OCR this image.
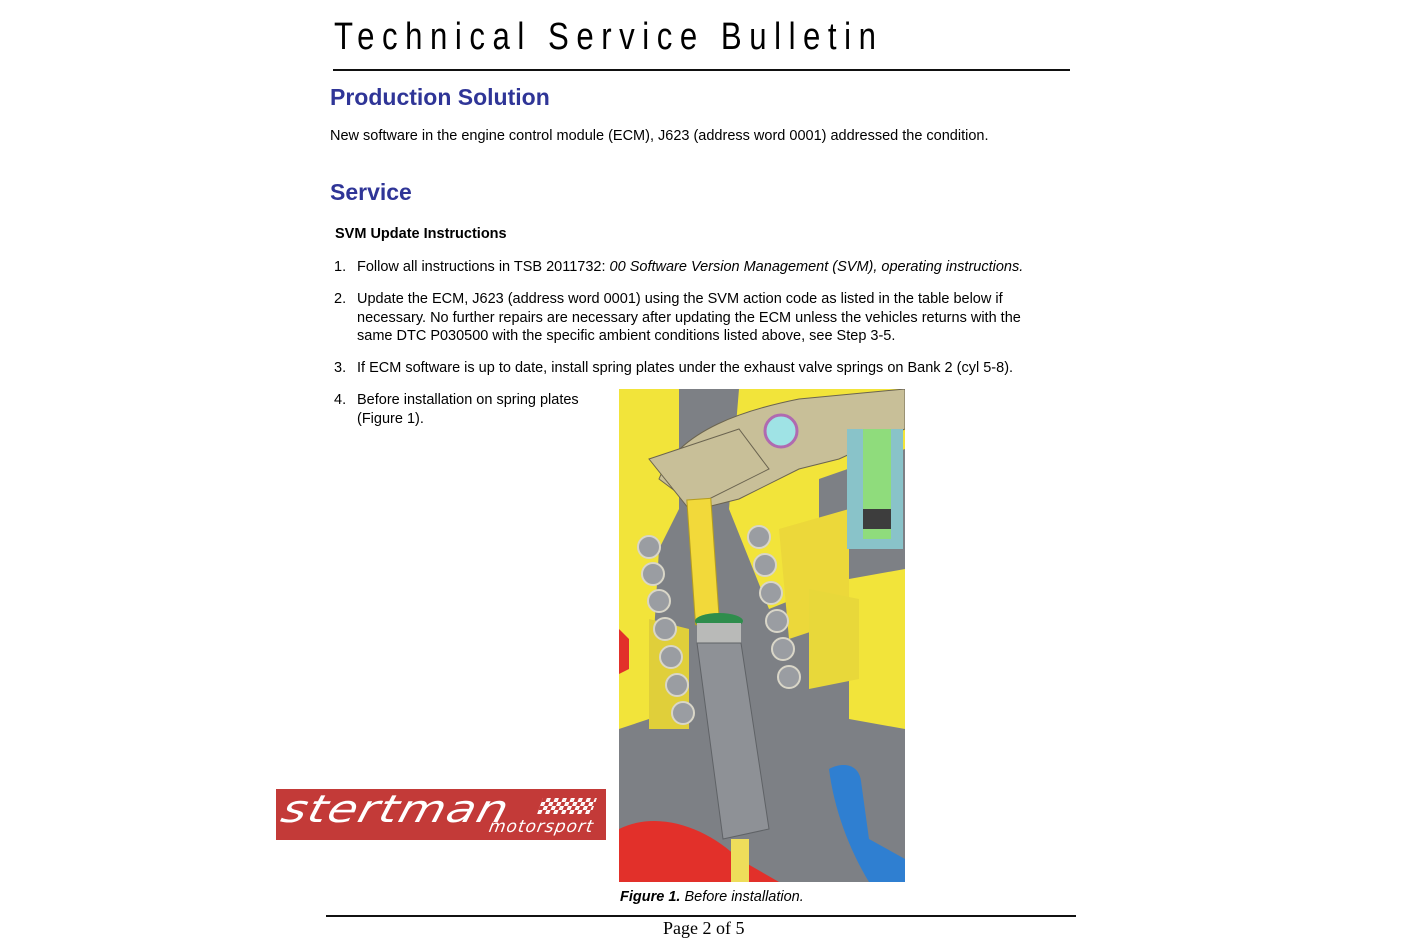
Technical Service Bulletin
Production Solution
New software in the engine control module (ECM), J623 (address word 0001) addressed the condition.
Service
SVM Update Instructions
1. Follow all instructions in TSB 2011732: 00 Software Version Management (SVM), operating instructions.
2. Update the ECM, J623 (address word 0001) using the SVM action code as listed in the table below if necessary. No further repairs are necessary after updating the ECM unless the vehicles returns with the same DTC P030500 with the specific ambient conditions listed above, see Step 3-5.
3. If ECM software is up to date, install spring plates under the exhaust valve springs on Bank 2 (cyl 5-8).
4. Before installation on spring plates (Figure 1).
stertman
motorsport
Figure 1. Before installation.
Page 2 of 5
